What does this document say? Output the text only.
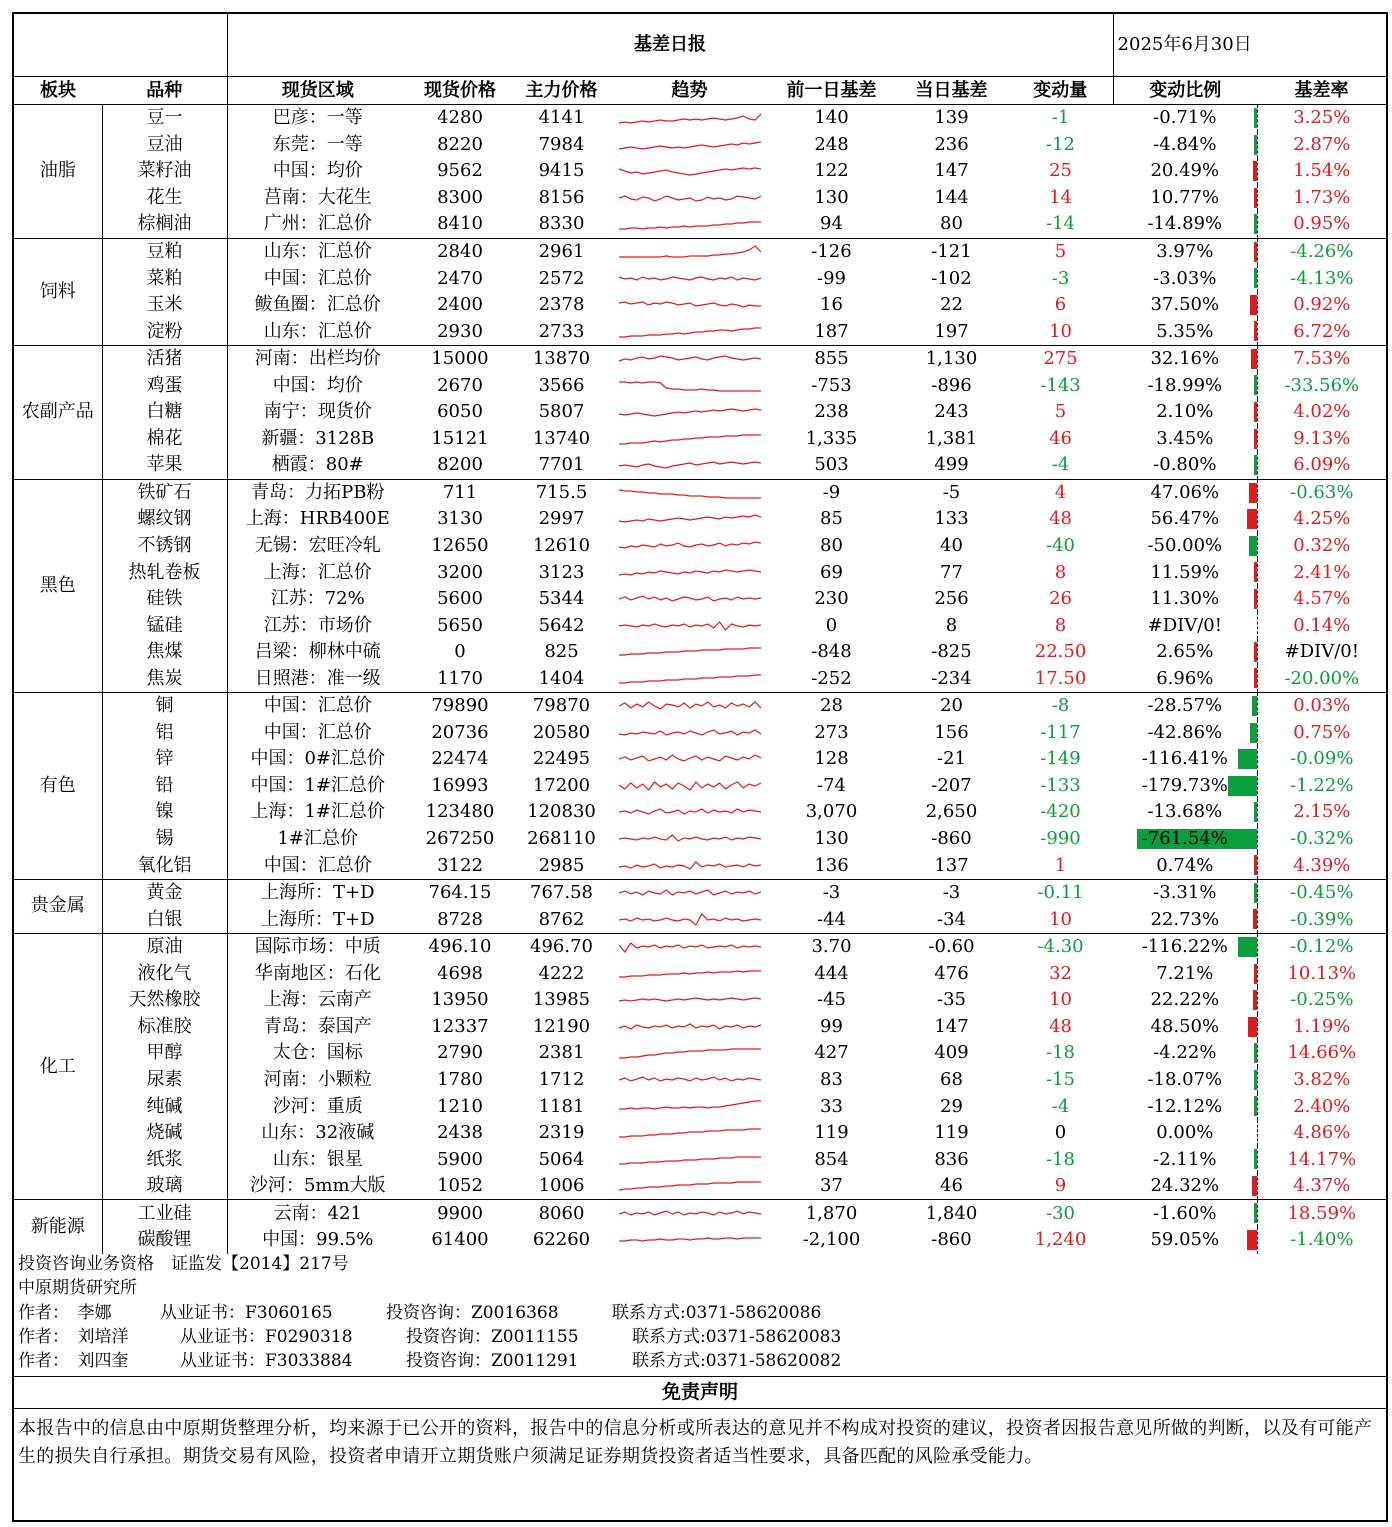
		基差日报							2025年6月30日	
板块	品种	现货区域	现货价格	主力价格	趋势	前一日基差	当日基差	变动量	变动比例	基差率
油脂	豆一	巴彦：一等	4280	4141		140	139	-1	-0.71%	3.25%
	豆油	东莞：一等	8220	7984		248	236	-12	-4.84%	2.87%
	菜籽油	中国：均价	9562	9415		122	147	25	20.49%	1.54%
	花生	莒南：大花生	8300	8156		130	144	14	10.77%	1.73%
	棕榈油	广州：汇总价	8410	8330		94	80	-14	-14.89%	0.95%
饲料	豆粕	山东：汇总价	2840	2961		-126	-121	5	3.97%	-4.26%
	菜粕	中国：汇总价	2470	2572		-99	-102	-3	-3.03%	-4.13%
	玉米	鲅鱼圈：汇总价	2400	2378		16	22	6	37.50%	0.92%
	淀粉	山东：汇总价	2930	2733		187	197	10	5.35%	6.72%
农副产品	活猪	河南：出栏均价	15000	13870		855	1,130	275	32.16%	7.53%
	鸡蛋	中国：均价	2670	3566		-753	-896	-143	-18.99%	-33.56%
	白糖	南宁：现货价	6050	5807		238	243	5	2.10%	4.02%
	棉花	新疆：3128B	15121	13740		1,335	1,381	46	3.45%	9.13%
	苹果	栖霞：80#	8200	7701		503	499	-4	-0.80%	6.09%
黑色	铁矿石	青岛：力拓PB粉	711	715.5		-9	-5	4	47.06%	-0.63%
	螺纹钢	上海：HRB400E	3130	2997		85	133	48	56.47%	4.25%
	不锈钢	无锡：宏旺冷轧	12650	12610		80	40	-40	-50.00%	0.32%
	热轧卷板	上海：汇总价	3200	3123		69	77	8	11.59%	2.41%
	硅铁	江苏：72%	5600	5344		230	256	26	11.30%	4.57%
	锰硅	江苏：市场价	5650	5642		0	8	8	#DIV/0!	0.14%
	焦煤	吕梁：柳林中硫	0	825		-848	-825	22.50	2.65%	#DIV/0!
	焦炭	日照港：准一级	1170	1404		-252	-234	17.50	6.96%	-20.00%
有色	铜	中国：汇总价	79890	79870		28	20	-8	-28.57%	0.03%
	铝	中国：汇总价	20736	20580		273	156	-117	-42.86%	0.75%
	锌	中国：0#汇总价	22474	22495		128	-21	-149	-116.41%	-0.09%
	铅	中国：1#汇总价	16993	17200		-74	-207	-133	-179.73%	-1.22%
	镍	上海：1#汇总价	123480	120830		3,070	2,650	-420	-13.68%	2.15%
	锡	1#汇总价	267250	268110		130	-860	-990	-761.54%	-0.32%
	氧化铝	中国：汇总价	3122	2985		136	137	1	0.74%	4.39%
贵金属	黄金	上海所：T+D	764.15	767.58		-3	-3	-0.11	-3.31%	-0.45%
	白银	上海所：T+D	8728	8762		-44	-34	10	22.73%	-0.39%
化工	原油	国际市场：中质	496.10	496.70		3.70	-0.60	-4.30	-116.22%	-0.12%
	液化气	华南地区：石化	4698	4222		444	476	32	7.21%	10.13%
	天然橡胶	上海：云南产	13950	13985		-45	-35	10	22.22%	-0.25%
	标准胶	青岛：泰国产	12337	12190		99	147	48	48.50%	1.19%
	甲醇	太仓：国标	2790	2381		427	409	-18	-4.22%	14.66%
	尿素	河南：小颗粒	1780	1712		83	68	-15	-18.07%	3.82%
	纯碱	沙河：重质	1210	1181		33	29	-4	-12.12%	2.40%
	烧碱	山东：32液碱	2438	2319		119	119	0	0.00%	4.86%
	纸浆	山东：银星	5900	5064		854	836	-18	-2.11%	14.17%
	玻璃	沙河：5mm大版	1052	1006		37	46	9	24.32%	4.37%
新能源	工业硅	云南：421	9900	8060		1,870	1,840	-30	-1.60%	18.59%
	碳酸锂	中国：99.5%	61400	62260		-2,100	-860	1,240	59.05%	-1.40%
投资咨询业务资格　证监发【2014】217号
中原期货研究所
作者：　李娜	从业证书：F3060165	投资咨询：Z0016368	联系方式:0371-58620086
作者：　刘培洋	从业证书：F0290318	投资咨询：Z0011155	联系方式:0371-58620083
作者：　刘四奎	从业证书：F3033884	投资咨询：Z0011291	联系方式:0371-58620082
免责声明
本报告中的信息由中原期货整理分析，均来源于已公开的资料，报告中的信息分析或所表达的意见并不构成对投资的建议，投资者因报告意见所做的判断，以及有可能产生的损失自行承担。期货交易有风险，投资者申请开立期货账户须满足证券期货投资者适当性要求，具备匹配的风险承受能力。
